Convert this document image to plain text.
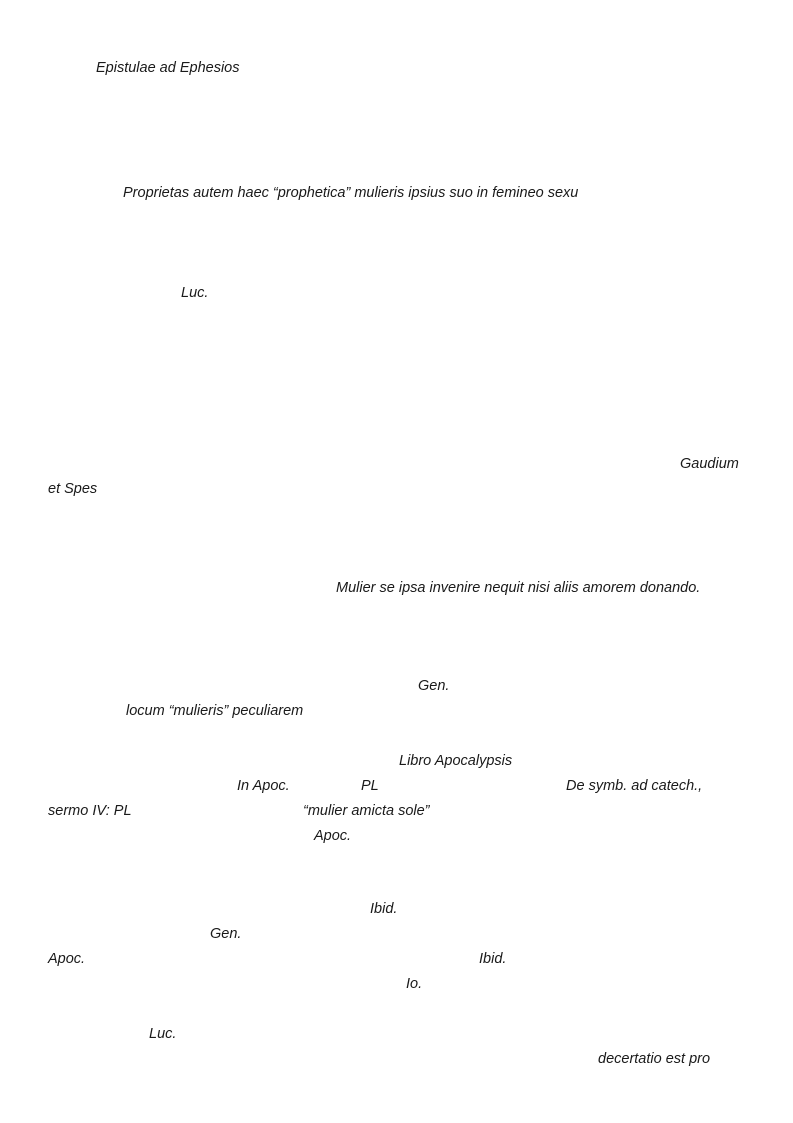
Epistulae ad Ephesios
Proprietas autem haec “prophetica” mulieris ipsius suo in femineo sexu
Luc.
Gaudium
et Spes
Mulier se ipsa invenire nequit nisi aliis amorem donando.
Gen.
locum “mulieris” peculiarem
Libro Apocalypsis
In Apoc.	PL	De symb. ad catech.,
sermo IV: PL	“mulier amicta sole”
Apoc.
Ibid.
Gen.
Apoc.	Ibid.
Io.
Luc.
decertatio est pro
